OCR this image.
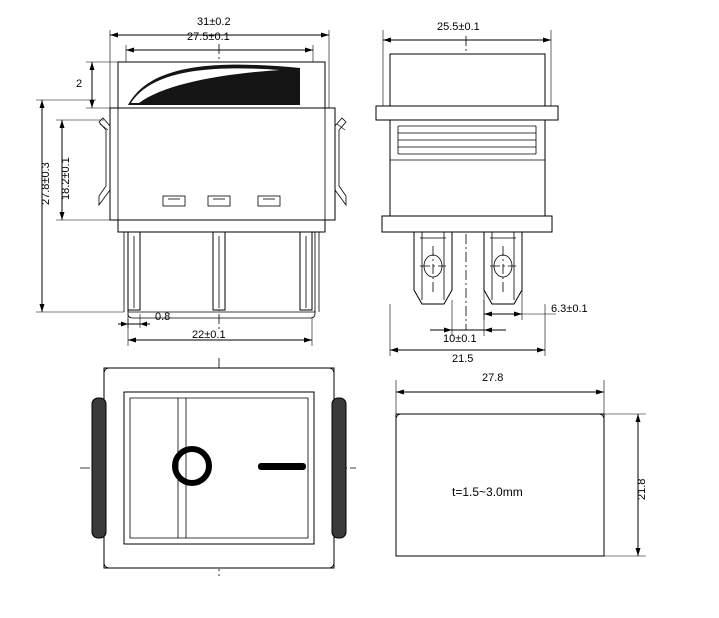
31±0.2
27.5±0.1
2
27.8±0.3 18.2±0.1
0.8
22±0.1
25.5±0.1
6.3±0.1
10±0.1
21.5
27.8
21.8
t=1.5~3.0mm
